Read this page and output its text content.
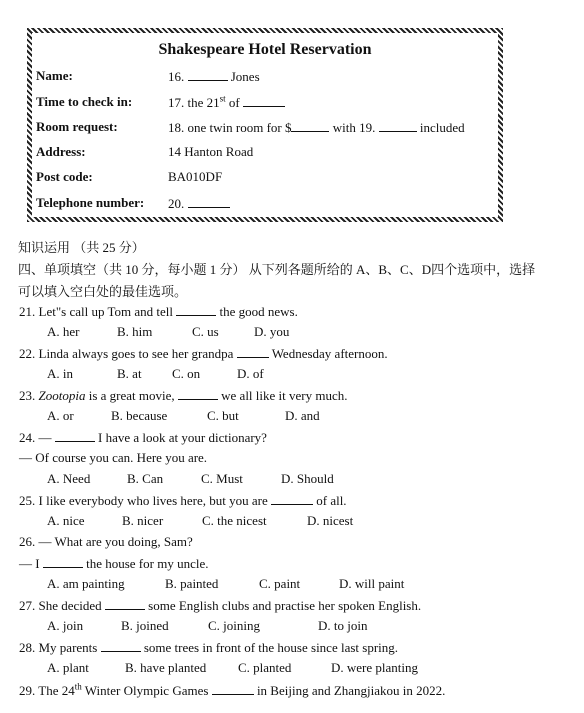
Shakespeare Hotel Reservation
Name:	16.	Jones
Time to check in:	17. the 21st of
Room request:	18. one twin room for $	with 19.	included
Address:	14 Hanton Road
Post code:	BA010DF
Telephone number: 20.
知识运用 （共 25 分）
四、单项填空（共 10 分，每小题 1 分） 从下列各题所给的 A、B、C、D四个选项中，选择
可以填入空白处的最佳选项。
21. Let"s call up Tom and tell	the good news.
A. her	B. him	C. us	D. you
22. Linda always goes to see her grandpa	Wednesday afternoon.
A. in	B. at C. on	D. of
23. Zootopia is a great movie,	we all like it very much.
A. or	B. because	C. but	D. and
24. —	I have a look at your dictionary?
— Of course you can. Here you are.
A. Need	B. Can	C. Must	D. Should
25. I like everybody who lives here, but you are	of all.
A. nice	B. nicer	C. the nicest	D. nicest
26. — What are you doing, Sam?
— I	the house for my uncle.
A. am painting	B. painted	C. paint	D. will paint
27. She decided	some English clubs and practise her spoken English.
A. join	B. joined	C. joining	D. to join
28. My parents	some trees in front of the house since last spring.
A. plant	B. have planted C. planted	D. were planting
29. The 24th Winter Olympic Games	in Beijing and Zhangjiakou in 2022.
